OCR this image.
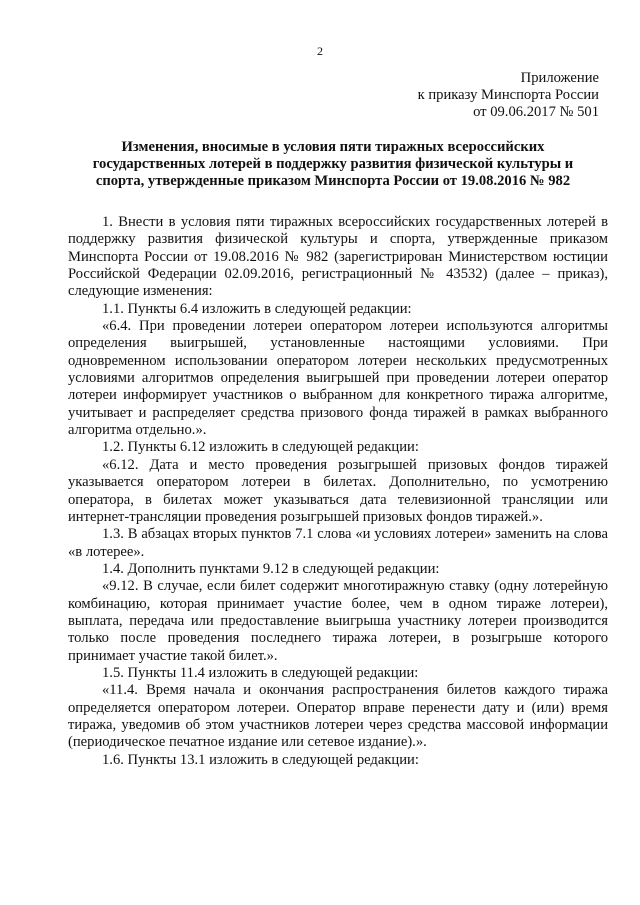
2
Приложение
к приказу Минспорта России
от 09.06.2017 № 501
Изменения, вносимые в условия пяти тиражных всероссийских
государственных лотерей в поддержку развития физической культуры и
спорта, утвержденные приказом Минспорта России от 19.08.2016 № 982

1. Внести в условия пяти тиражных всероссийских государственных лотерей в поддержку развития физической культуры и спорта, утвержденные приказом Минспорта России от 19.08.2016 № 982 (зарегистрирован Министерством юстиции Российской Федерации 02.09.2016, регистрационный № 43532) (далее – приказ), следующие изменения:

1.1. Пункты 6.4 изложить в следующей редакции:

«6.4. При проведении лотереи оператором лотереи используются алгоритмы определения выигрышей, установленные настоящими условиями. При одновременном использовании оператором лотереи нескольких предусмотренных условиями алгоритмов определения выигрышей при проведении лотереи оператор лотереи информирует участников о выбранном для конкретного тиража алгоритме, учитывает и распределяет средства призового фонда тиражей в рамках выбранного алгоритма отдельно.».

1.2. Пункты 6.12 изложить в следующей редакции:

«6.12. Дата и место проведения розыгрышей призовых фондов тиражей указывается оператором лотереи в билетах. Дополнительно, по усмотрению оператора, в билетах может указываться дата телевизионной трансляции или интернет-трансляции проведения розыгрышей призовых фондов тиражей.».

1.3. В абзацах вторых пунктов 7.1 слова «и условиях лотереи» заменить на слова «в лотерее».

1.4. Дополнить пунктами 9.12 в следующей редакции:

«9.12. В случае, если билет содержит многотиражную ставку (одну лотерейную комбинацию, которая принимает участие более, чем в одном тираже лотереи), выплата, передача или предоставление выигрыша участнику лотереи производится только после проведения последнего тиража лотереи, в розыгрыше которого принимает участие такой билет.».

1.5. Пункты 11.4 изложить в следующей редакции:

«11.4. Время начала и окончания распространения билетов каждого тиража определяется оператором лотереи. Оператор вправе перенести дату и (или) время тиража, уведомив об этом участников лотереи через средства массовой информации (периодическое печатное издание или сетевое издание).».

1.6. Пункты 13.1 изложить в следующей редакции:
